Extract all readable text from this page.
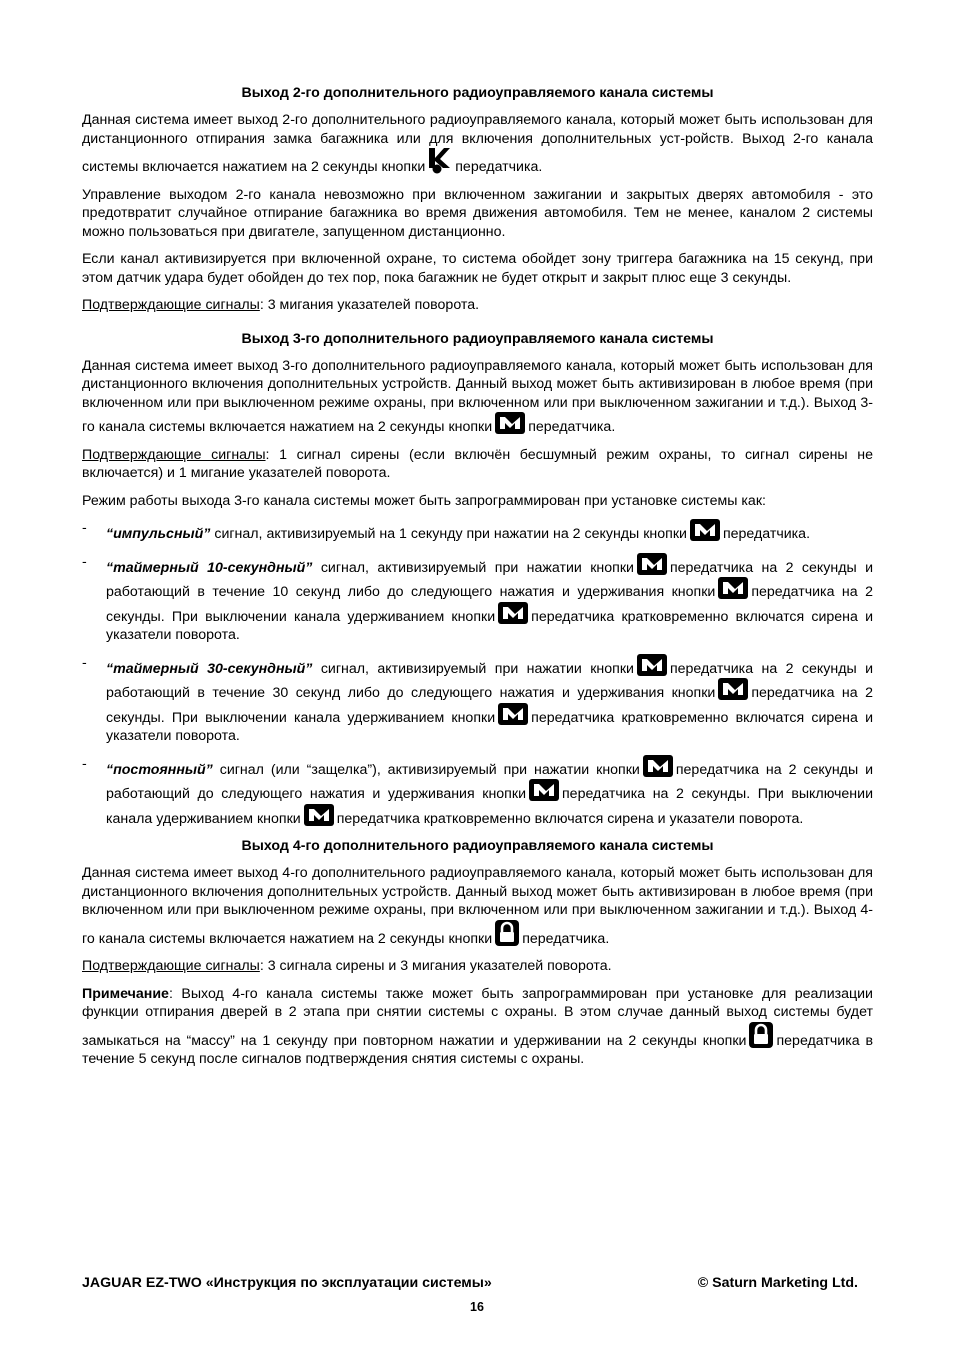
Выход 2-го дополнительного радиоуправляемого канала системы

Данная система имеет выход 2-го дополнительного радиоуправляемого канала, который может быть использован для дистанционного отпирания замка багажника или для включения дополнительных уст-ройств. Выход 2-го канала системы включается нажатием на 2 секунды кнопки передатчика.

Управление выходом 2-го канала невозможно при включенном зажигании и закрытых дверях автомобиля - это предотвратит случайное отпирание багажника во время движения автомобиля. Тем не менее, каналом 2 системы можно пользоваться при двигателе, запущенном дистанционно.

Если канал активизируется при включенной охране, то система обойдет зону триггера багажника на 15 секунд, при этом датчик удара будет обойден до тех пор, пока багажник не будет открыт и закрыт плюс еще 3 секунды.

Подтверждающие сигналы: 3 мигания указателей поворота.

Выход 3-го дополнительного радиоуправляемого канала системы

Данная система имеет выход 3-го дополнительного радиоуправляемого канала, который может быть использован для дистанционного включения дополнительных устройств. Данный выход может быть активизирован в любое время (при включенном или при выключенном режиме охраны, при включенном или при выключенном зажигании и т.д.). Выход 3-го канала системы включается нажатием на 2 секунды кнопки	передатчика.

Подтверждающие сигналы: 1 сигнал сирены (если включён бесшумный режим охраны, то сигнал сирены не включается) и 1 мигание указателей поворота.

Режим работы выхода 3-го канала системы может быть запрограммирован при установке системы как:

- “импульсный” сигнал, активизируемый на 1 секунду при нажатии на 2 секунды кнопки	передатчика.
- “таймерный 10-секундный” сигнал, активизируемый при нажатии кнопки	передатчика на 2 секунды и работающий в течение 10 секунд либо до следующего нажатия и удерживания кнопки	передатчика на 2 секунды. При выключении канала удерживанием кнопки	передатчика кратковременно включатся сирена и указатели поворота.
- “таймерный 30-секундный” сигнал, активизируемый при нажатии кнопки	передатчика на 2 секунды и работающий в течение 30 секунд либо до следующего нажатия и удерживания кнопки	передатчика на 2 секунды. При выключении канала удерживанием кнопки	передатчика кратковременно включатся сирена и указатели поворота.
- “постоянный” сигнал (или “защелка”), активизируемый при нажатии кнопки	передатчика на 2 секунды и работающий до следующего нажатия и удерживания кнопки	передатчика на 2 секунды. При выключении канала удерживанием кнопки	передатчика кратковременно включатся сирена и указатели поворота.
Выход 4-го дополнительного радиоуправляемого канала системы

Данная система имеет выход 4-го дополнительного радиоуправляемого канала, который может быть использован для дистанционного включения дополнительных устройств. Данный выход может быть активизирован в любое время (при включенном или при выключенном режиме охраны, при включенном или при выключенном зажигании и т.д.). Выход 4-го канала системы включается нажатием на 2 секунды кнопки передатчика.

Подтверждающие сигналы: 3 сигнала сирены и 3 мигания указателей поворота.

Примечание: Выход 4-го канала системы также может быть запрограммирован при установке для реализации функции отпирания дверей в 2 этапа при снятии системы с охраны. В этом случае данный выход системы будет замыкаться на “массу” на 1 секунду при повторном нажатии и удерживании на 2 секунды кнопки передатчика в течение 5 секунд после сигналов подтверждения снятия системы с охраны.

JAGUAR EZ-TWO «Инструкция по эксплуатации системы»	© Saturn Marketing Ltd.
16
